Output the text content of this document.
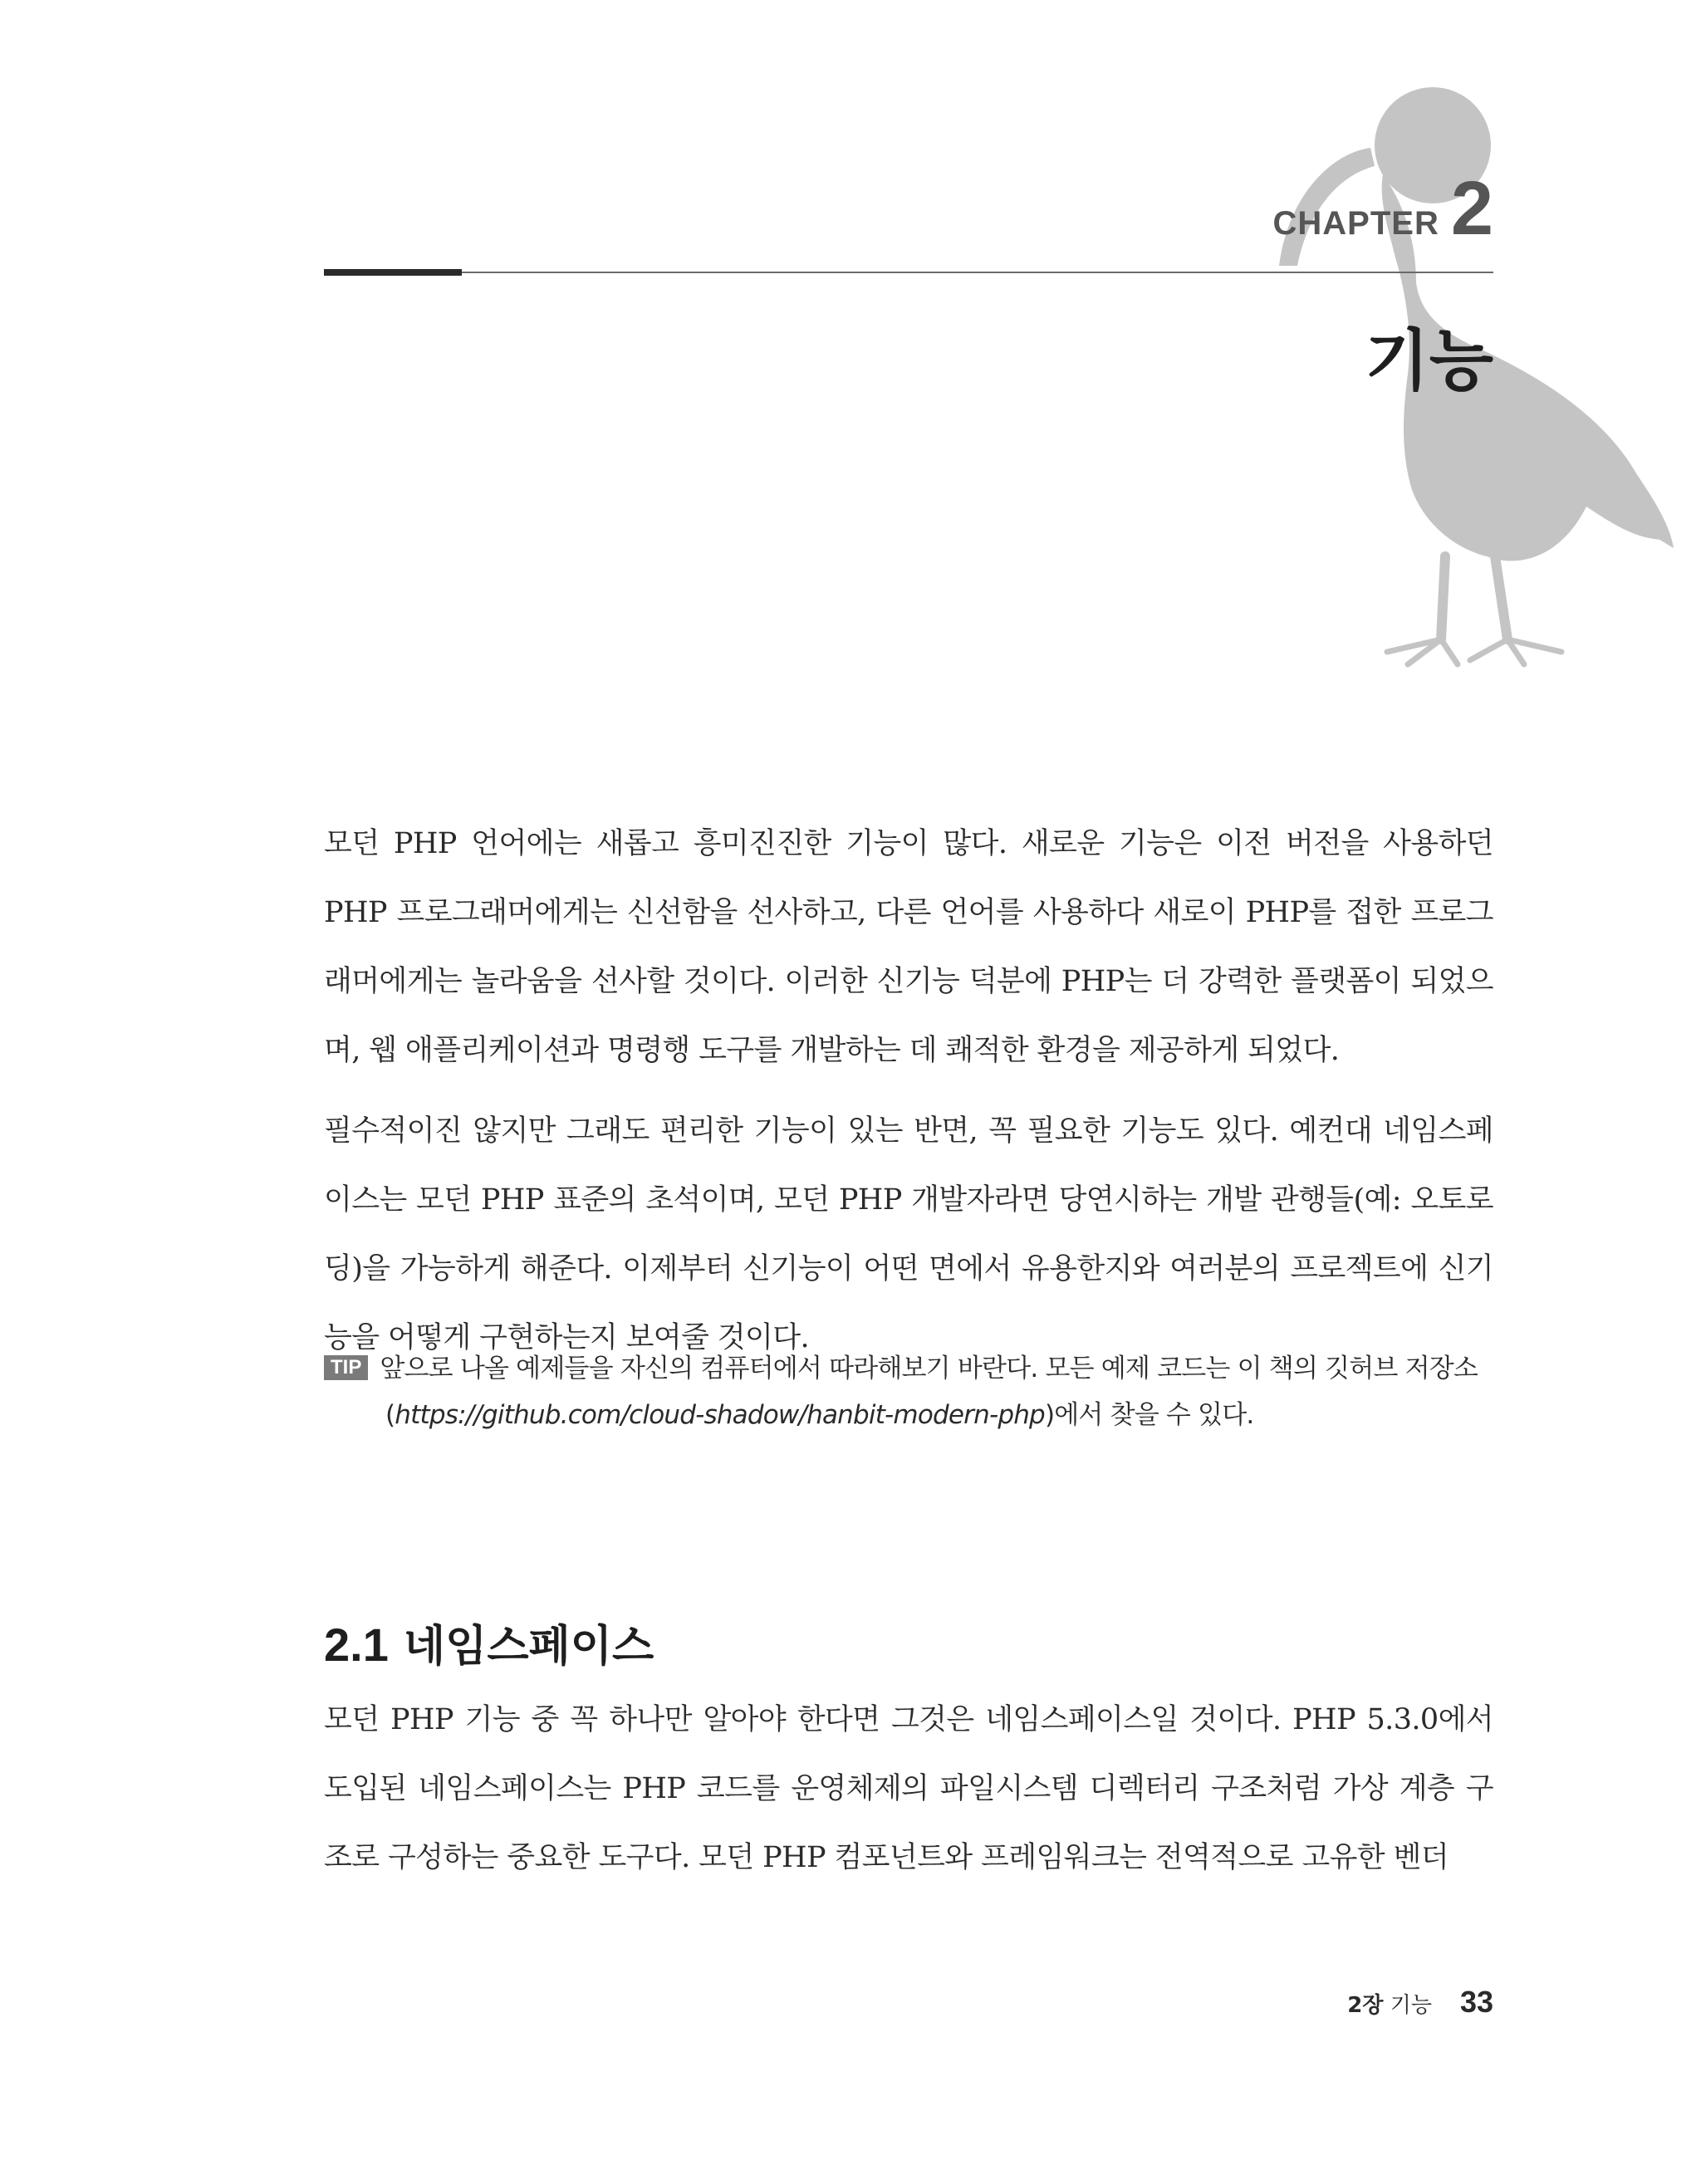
CHAPTER 2
기능

모던 PHP 언어에는 새롭고 흥미진진한 기능이 많다. 새로운 기능은 이전 버전을 사용하던 PHP 프로그래머에게는 신선함을 선사하고, 다른 언어를 사용하다 새로이 PHP를 접한 프로그래머에게는 놀라움을 선사할 것이다. 이러한 신기능 덕분에 PHP는 더 강력한 플랫폼이 되었으며, 웹 애플리케이션과 명령행 도구를 개발하는 데 쾌적한 환경을 제공하게 되었다.

필수적이진 않지만 그래도 편리한 기능이 있는 반면, 꼭 필요한 기능도 있다. 예컨대 네임스페이스는 모던 PHP 표준의 초석이며, 모던 PHP 개발자라면 당연시하는 개발 관행들(예: 오토로딩)을 가능하게 해준다. 이제부터 신기능이 어떤 면에서 유용한지와 여러분의 프로젝트에 신기능을 어떻게 구현하는지 보여줄 것이다.

TIP 앞으로 나올 예제들을 자신의 컴퓨터에서 따라해보기 바란다. 모든 예제 코드는 이 책의 깃허브 저장소
(https://github.com/cloud-shadow/hanbit-modern-php)에서 찾을 수 있다.
2.1 네임스페이스

모던 PHP 기능 중 꼭 하나만 알아야 한다면 그것은 네임스페이스일 것이다. PHP 5.3.0에서 도입된 네임스페이스는 PHP 코드를 운영체제의 파일시스템 디렉터리 구조처럼 가상 계층 구조로 구성하는 중요한 도구다. 모던 PHP 컴포넌트와 프레임워크는 전역적으로 고유한 벤더

2장 기능 33
